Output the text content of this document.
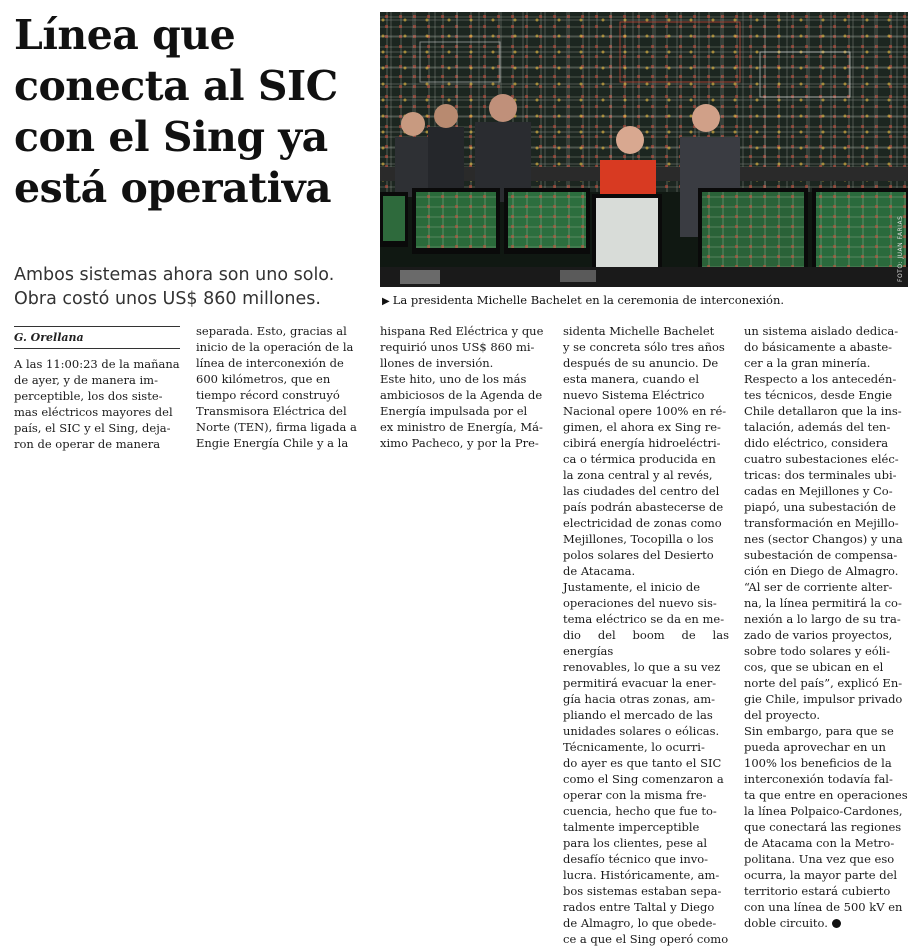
Línea que
conecta al SIC
con el Sing ya
está operativa

Ambos sistemas ahora son uno solo.
Obra costó unos US$ 860 millones.

FOTO: JUAN FARÍAS

▶ La presidenta Michelle Bachelet en la ceremonia de interconexión.

G. Orellana

A las 11:00:23 de la mañana
de ayer, y de manera im-
perceptible, los dos siste-
mas eléctricos mayores del
país, el SIC y el Sing, deja-
ron de operar de manera

separada. Esto, gracias al
inicio de la operación de la
línea de interconexión de
600 kilómetros, que en
tiempo récord construyó
Transmisora Eléctrica del
Norte (TEN), firma ligada a
Engie Energía Chile y a la

hispana Red Eléctrica y que
requirió unos US$ 860 mi-
llones de inversión.
Este hito, uno de los más
ambiciosos de la Agenda de
Energía impulsada por el
ex ministro de Energía, Má-
ximo Pacheco, y por la Pre-

sidenta Michelle Bachelet
y se concreta sólo tres años
después de su anuncio. De
esta manera, cuando el
nuevo Sistema Eléctrico
Nacional opere 100% en ré-
gimen, el ahora ex Sing re-
cibirá energía hidroeléctri-
ca o térmica producida en
la zona central y al revés,
las ciudades del centro del
país podrán abastecerse de
electricidad de zonas como
Mejillones, Tocopilla o los
polos solares del Desierto
de Atacama.
Justamente, el inicio de
operaciones del nuevo sis-
tema eléctrico se da en me-
dio del boom de las energías
renovables, lo que a su vez
permitirá evacuar la ener-
gía hacia otras zonas, am-
pliando el mercado de las
unidades solares o eólicas.
Técnicamente, lo ocurri-
do ayer es que tanto el SIC
como el Sing comenzaron a
operar con la misma fre-
cuencia, hecho que fue to-
talmente imperceptible
para los clientes, pese al
desafío técnico que invo-
lucra. Históricamente, am-
bos sistemas estaban sepa-
rados entre Taltal y Diego
de Almagro, lo que obede-
ce a que el Sing operó como

un sistema aislado dedica-
do básicamente a abaste-
cer a la gran minería.
Respecto a los antecedén-
tes técnicos, desde Engie
Chile detallaron que la ins-
talación, además del ten-
dido eléctrico, considera
cuatro subestaciones eléc-
tricas: dos terminales ubi-
cadas en Mejillones y Co-
piapó, una subestación de
transformación en Mejillo-
nes (sector Changos) y una
subestación de compensa-
ción en Diego de Almagro.
“Al ser de corriente alter-
na, la línea permitirá la co-
nexión a lo largo de su tra-
zado de varios proyectos,
sobre todo solares y eóli-
cos, que se ubican en el
norte del país”, explicó En-
gie Chile, impulsor privado
del proyecto.
Sin embargo, para que se
pueda aprovechar en un
100% los beneficios de la
interconexión todavía fal-
ta que entre en operaciones
la línea Polpaico-Cardones,
que conectará las regiones
de Atacama con la Metro-
politana. Una vez que eso
ocurra, la mayor parte del
territorio estará cubierto
con una línea de 500 kV en
doble circuito.
